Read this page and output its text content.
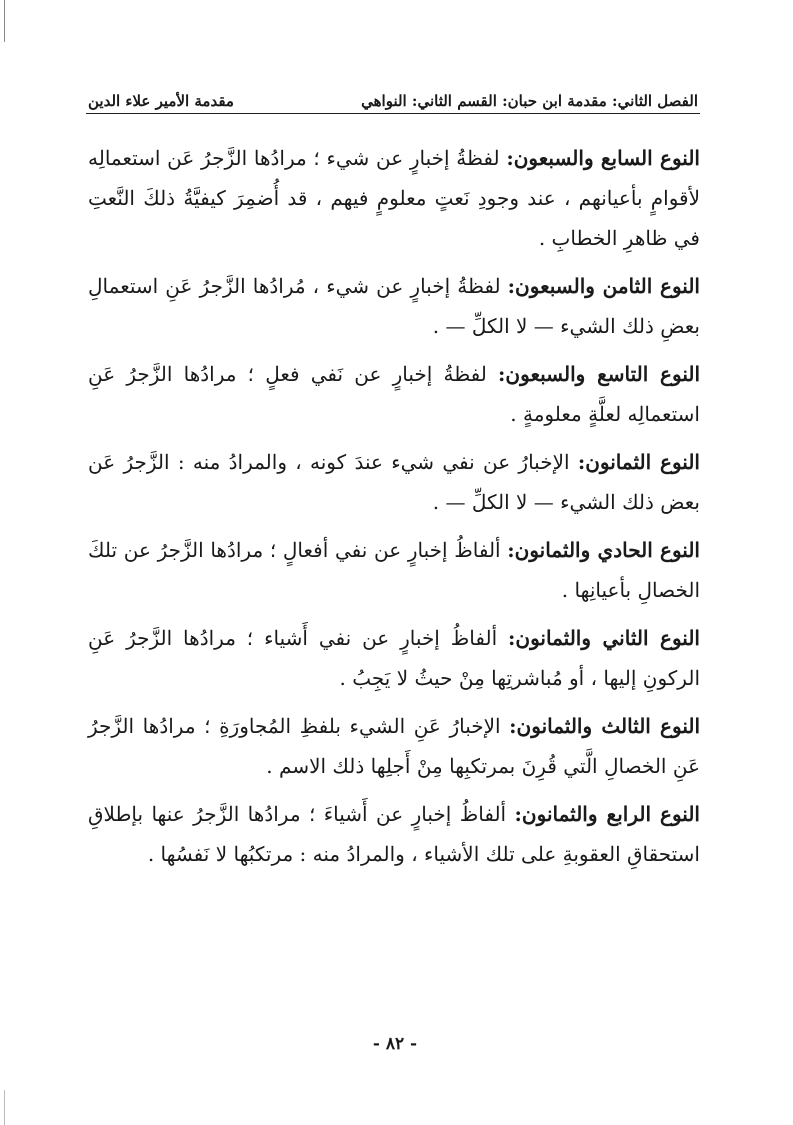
الفصل الثاني: مقدمة ابن حبان: القسم الثاني: النواهي
مقدمة الأمير علاء الدين

النوع السابع والسبعون: لفظةُ إخبارٍ عن شيء ؛ مرادُها الزَّجرُ عَن استعمالِه لأقوامٍ بأعيانهم ، عند وجودِ نَعتٍ معلومٍ فيهم ، قد أُضمِرَ كيفيَّةُ ذلكَ النَّعتِ في ظاهرِ الخطابِ .

النوع الثامن والسبعون: لفظةُ إخبارٍ عن شيء ، مُرادُها الزَّجرُ عَنِ استعمالِ بعضِ ذلك الشيء — لا الكلِّ — .

النوع التاسع والسبعون: لفظةُ إخبارٍ عن نَفي فعلٍ ؛ مرادُها الزَّجرُ عَنِ استعمالِه لعلَّةٍ معلومةٍ .

النوع الثمانون: الإخبارُ عن نفي شيء عندَ كونه ، والمرادُ منه : الزَّجرُ عَن بعض ذلك الشيء — لا الكلِّ — .

النوع الحادي والثمانون: ألفاظُ إخبارٍ عن نفي أفعالٍ ؛ مرادُها الزَّجرُ عن تلكَ الخصالِ بأعيانِها .

النوع الثاني والثمانون: ألفاظُ إخبارٍ عن نفي أَشياء ؛ مرادُها الزَّجرُ عَنِ الركونِ إليها ، أو مُباشرتِها مِنْ حيثُ لا يَجِبُ .

النوع الثالث والثمانون: الإخبارُ عَنِ الشيء بلفظِ المُجاورَةِ ؛ مرادُها الزَّجرُ عَنِ الخصالِ الَّتي قُرِنَ بمرتكبِها مِنْ أَجلِها ذلك الاسم .

النوع الرابع والثمانون: ألفاظُ إخبارٍ عن أَشياءَ ؛ مرادُها الزَّجرُ عنها بإطلاقِ استحقاقِ العقوبةِ على تلك الأشياء ، والمرادُ منه : مرتكبُها لا نَفسُها .

- ٨٢ -
